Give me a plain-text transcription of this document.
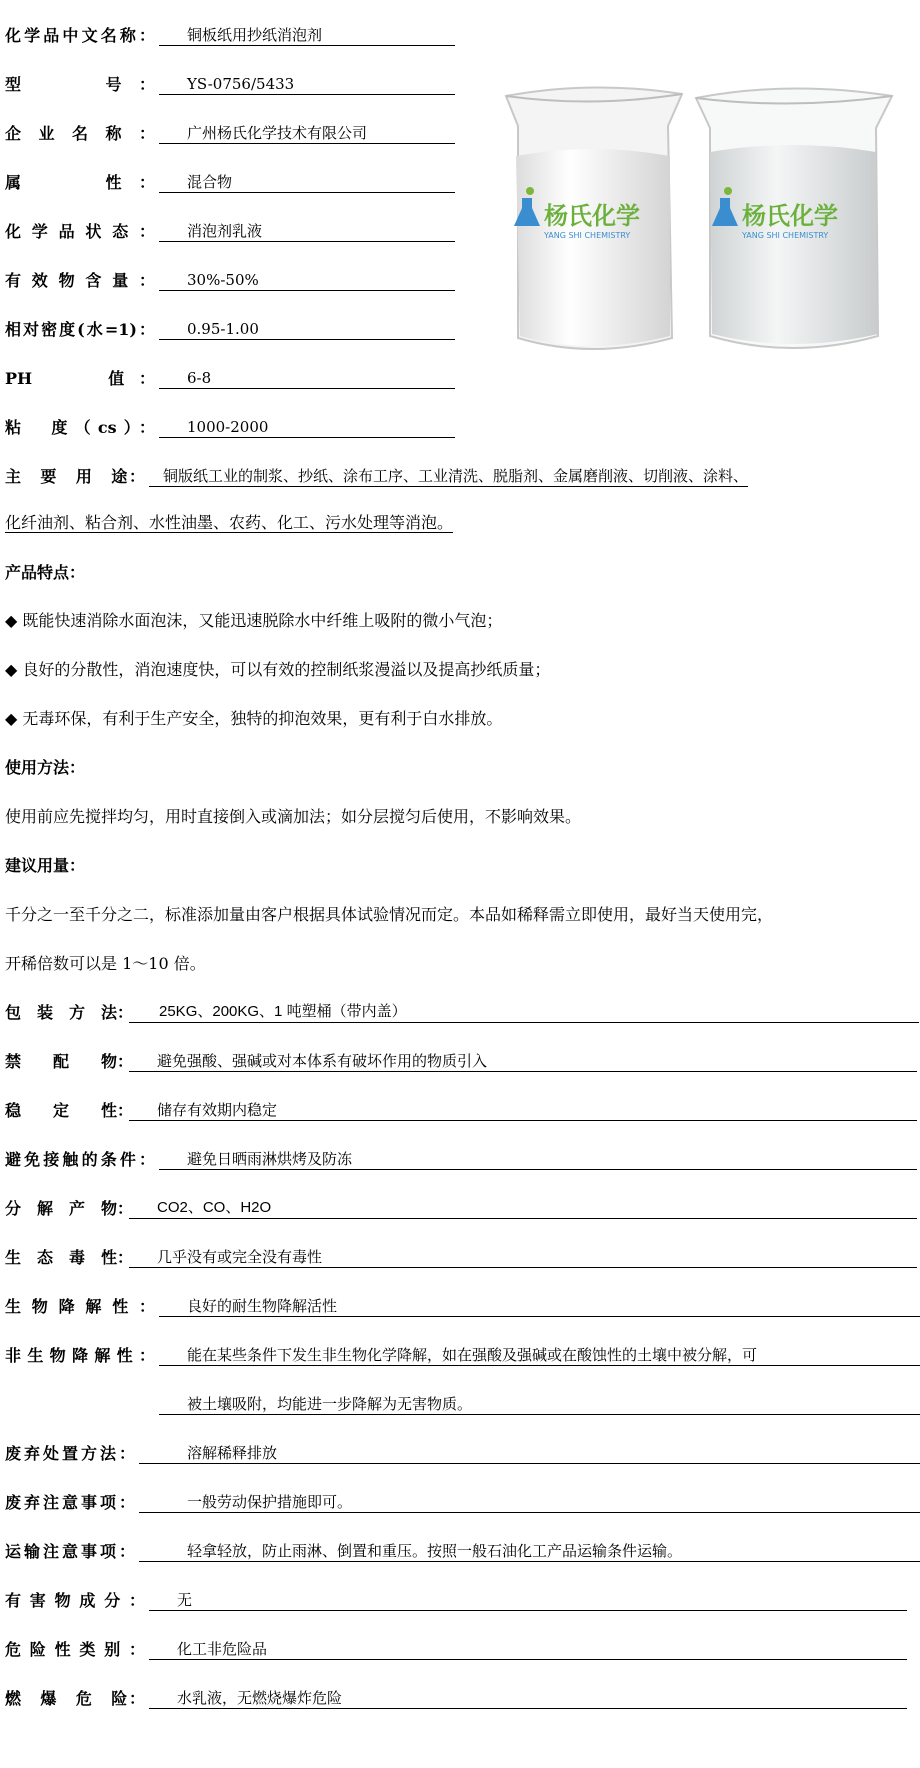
化学品中文名称：	铜板纸用抄纸消泡剂
型　　号：	YS-0756/5433
企业名称：	广州杨氏化学技术有限公司
属　　性：	混合物
化学品状态：	消泡剂乳液
有效物含量：	30%-50%
相对密度(水=1)：	0.95-1.00
PH　　值：	6-8
粘　度（cs）：	1000-2000
杨氏化学
YANG SHI CHEMISTRY
杨氏化学
YANG SHI CHEMISTRY
主　要　用　途：	铜版纸工业的制浆、抄纸、涂布工序、工业清洗、脱脂剂、金属磨削液、切削液、涂料、
化纤油剂、粘合剂、水性油墨、农药、化工、污水处理等消泡。
产品特点：
◆ 既能快速消除水面泡沫，又能迅速脱除水中纤维上吸附的微小气泡；
◆ 良好的分散性，消泡速度快，可以有效的控制纸浆漫溢以及提高抄纸质量；
◆ 无毒环保，有利于生产安全，独特的抑泡效果，更有利于白水排放。
使用方法：
使用前应先搅拌均匀，用时直接倒入或滴加法；如分层搅匀后使用，不影响效果。
建议用量：
千分之一至千分之二，标准添加量由客户根据具体试验情况而定。本品如稀释需立即使用，最好当天使用完，
开稀倍数可以是 1～10 倍。
包　装　方　法：	25KG、200KG、1 吨塑桶（带内盖）
禁　　配　　物：	避免强酸、强碱或对本体系有破坏作用的物质引入
稳　　定　　性：	储存有效期内稳定
避免接触的条件：	避免日晒雨淋烘烤及防冻
分　解　产　物：	CO2、CO、H2O
生　态　毒　性：	几乎没有或完全没有毒性
生物降解性：	良好的耐生物降解活性
非生物降解性：	能在某些条件下发生非生物化学降解，如在强酸及强碱或在酸蚀性的土壤中被分解，可
被土壤吸附，均能进一步降解为无害物质。
废弃处置方法：	溶解稀释排放
废弃注意事项：	一般劳动保护措施即可。
运输注意事项：	轻拿轻放，防止雨淋、倒置和重压。按照一般石油化工产品运输条件运输。
有害物成分：	无
危险性类别：	化工非危险品
燃　爆　危　险：	水乳液，无燃烧爆炸危险
